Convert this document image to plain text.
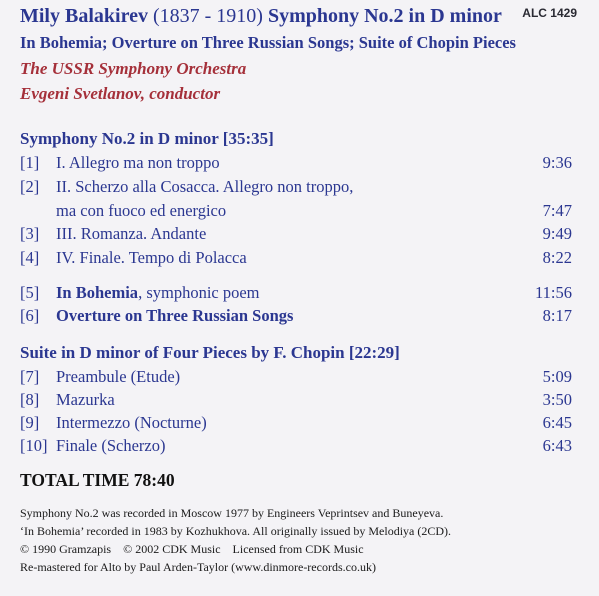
ALC 1429
Mily Balakirev (1837 - 1910) Symphony No.2 in D minor
In Bohemia; Overture on Three Russian Songs; Suite of Chopin Pieces
The USSR Symphony Orchestra
Evgeni Svetlanov, conductor
Symphony No.2 in D minor [35:35]
[1] I. Allegro ma non troppo	9:36
[2] II. Scherzo alla Cosacca. Allegro non troppo,
ma con fuoco ed energico	7:47
[3] III. Romanza. Andante	9:49
[4] IV. Finale. Tempo di Polacca	8:22
[5] In Bohemia, symphonic poem	11:56
[6] Overture on Three Russian Songs	8:17
Suite in D minor of Four Pieces by F. Chopin [22:29]
[7] Preambule (Etude)	5:09
[8] Mazurka	3:50
[9] Intermezzo (Nocturne)	6:45
[10] Finale (Scherzo)	6:43
TOTAL TIME 78:40
Symphony No.2 was recorded in Moscow 1977 by Engineers Veprintsev and Buneyeva.
‘In Bohemia’ recorded in 1983 by Kozhukhova. All originally issued by Melodiya (2CD).
© 1990 Gramzapis    © 2002 CDK Music    Licensed from CDK Music
Re-mastered for Alto by Paul Arden-Taylor (www.dinmore-records.co.uk)
